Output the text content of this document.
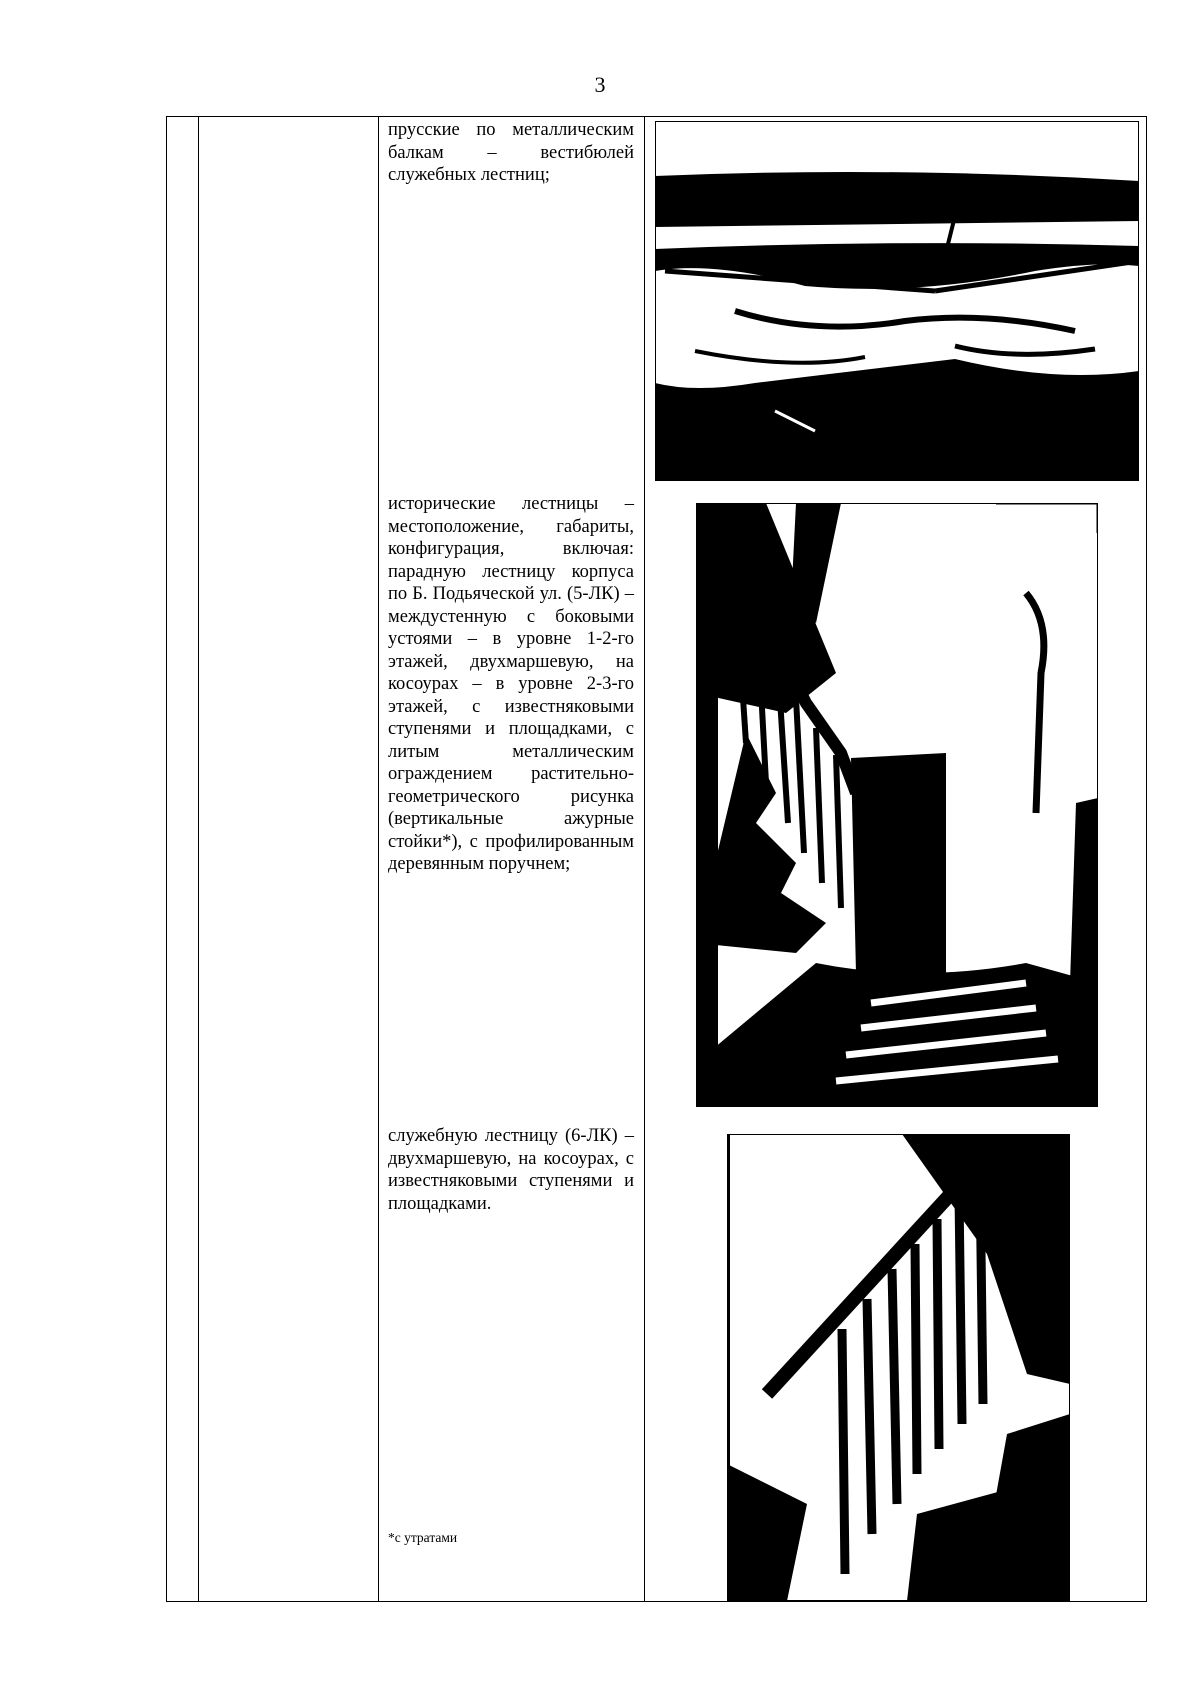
3

прусские по металлическим балкам – вестибюлей служебных лестниц;
исторические лестницы – местоположение, габариты, конфигурация, включая: парадную лестницу корпуса по Б. Подьяческой ул. (5-ЛК) – междустенную с боковыми устоями – в уровне 1-2-го этажей, двухмаршевую, на косоурах – в уровне 2-3-го этажей, с известняковыми ступенями и площадками, с литым металлическим ограждением растительно-геометрического рисунка (вертикальные ажурные стойки*), с профилированным деревянным поручнем;
служебную лестницу (6-ЛК) – двухмаршевую, на косоурах, с известняковыми ступенями и площадками.
*с утратами
